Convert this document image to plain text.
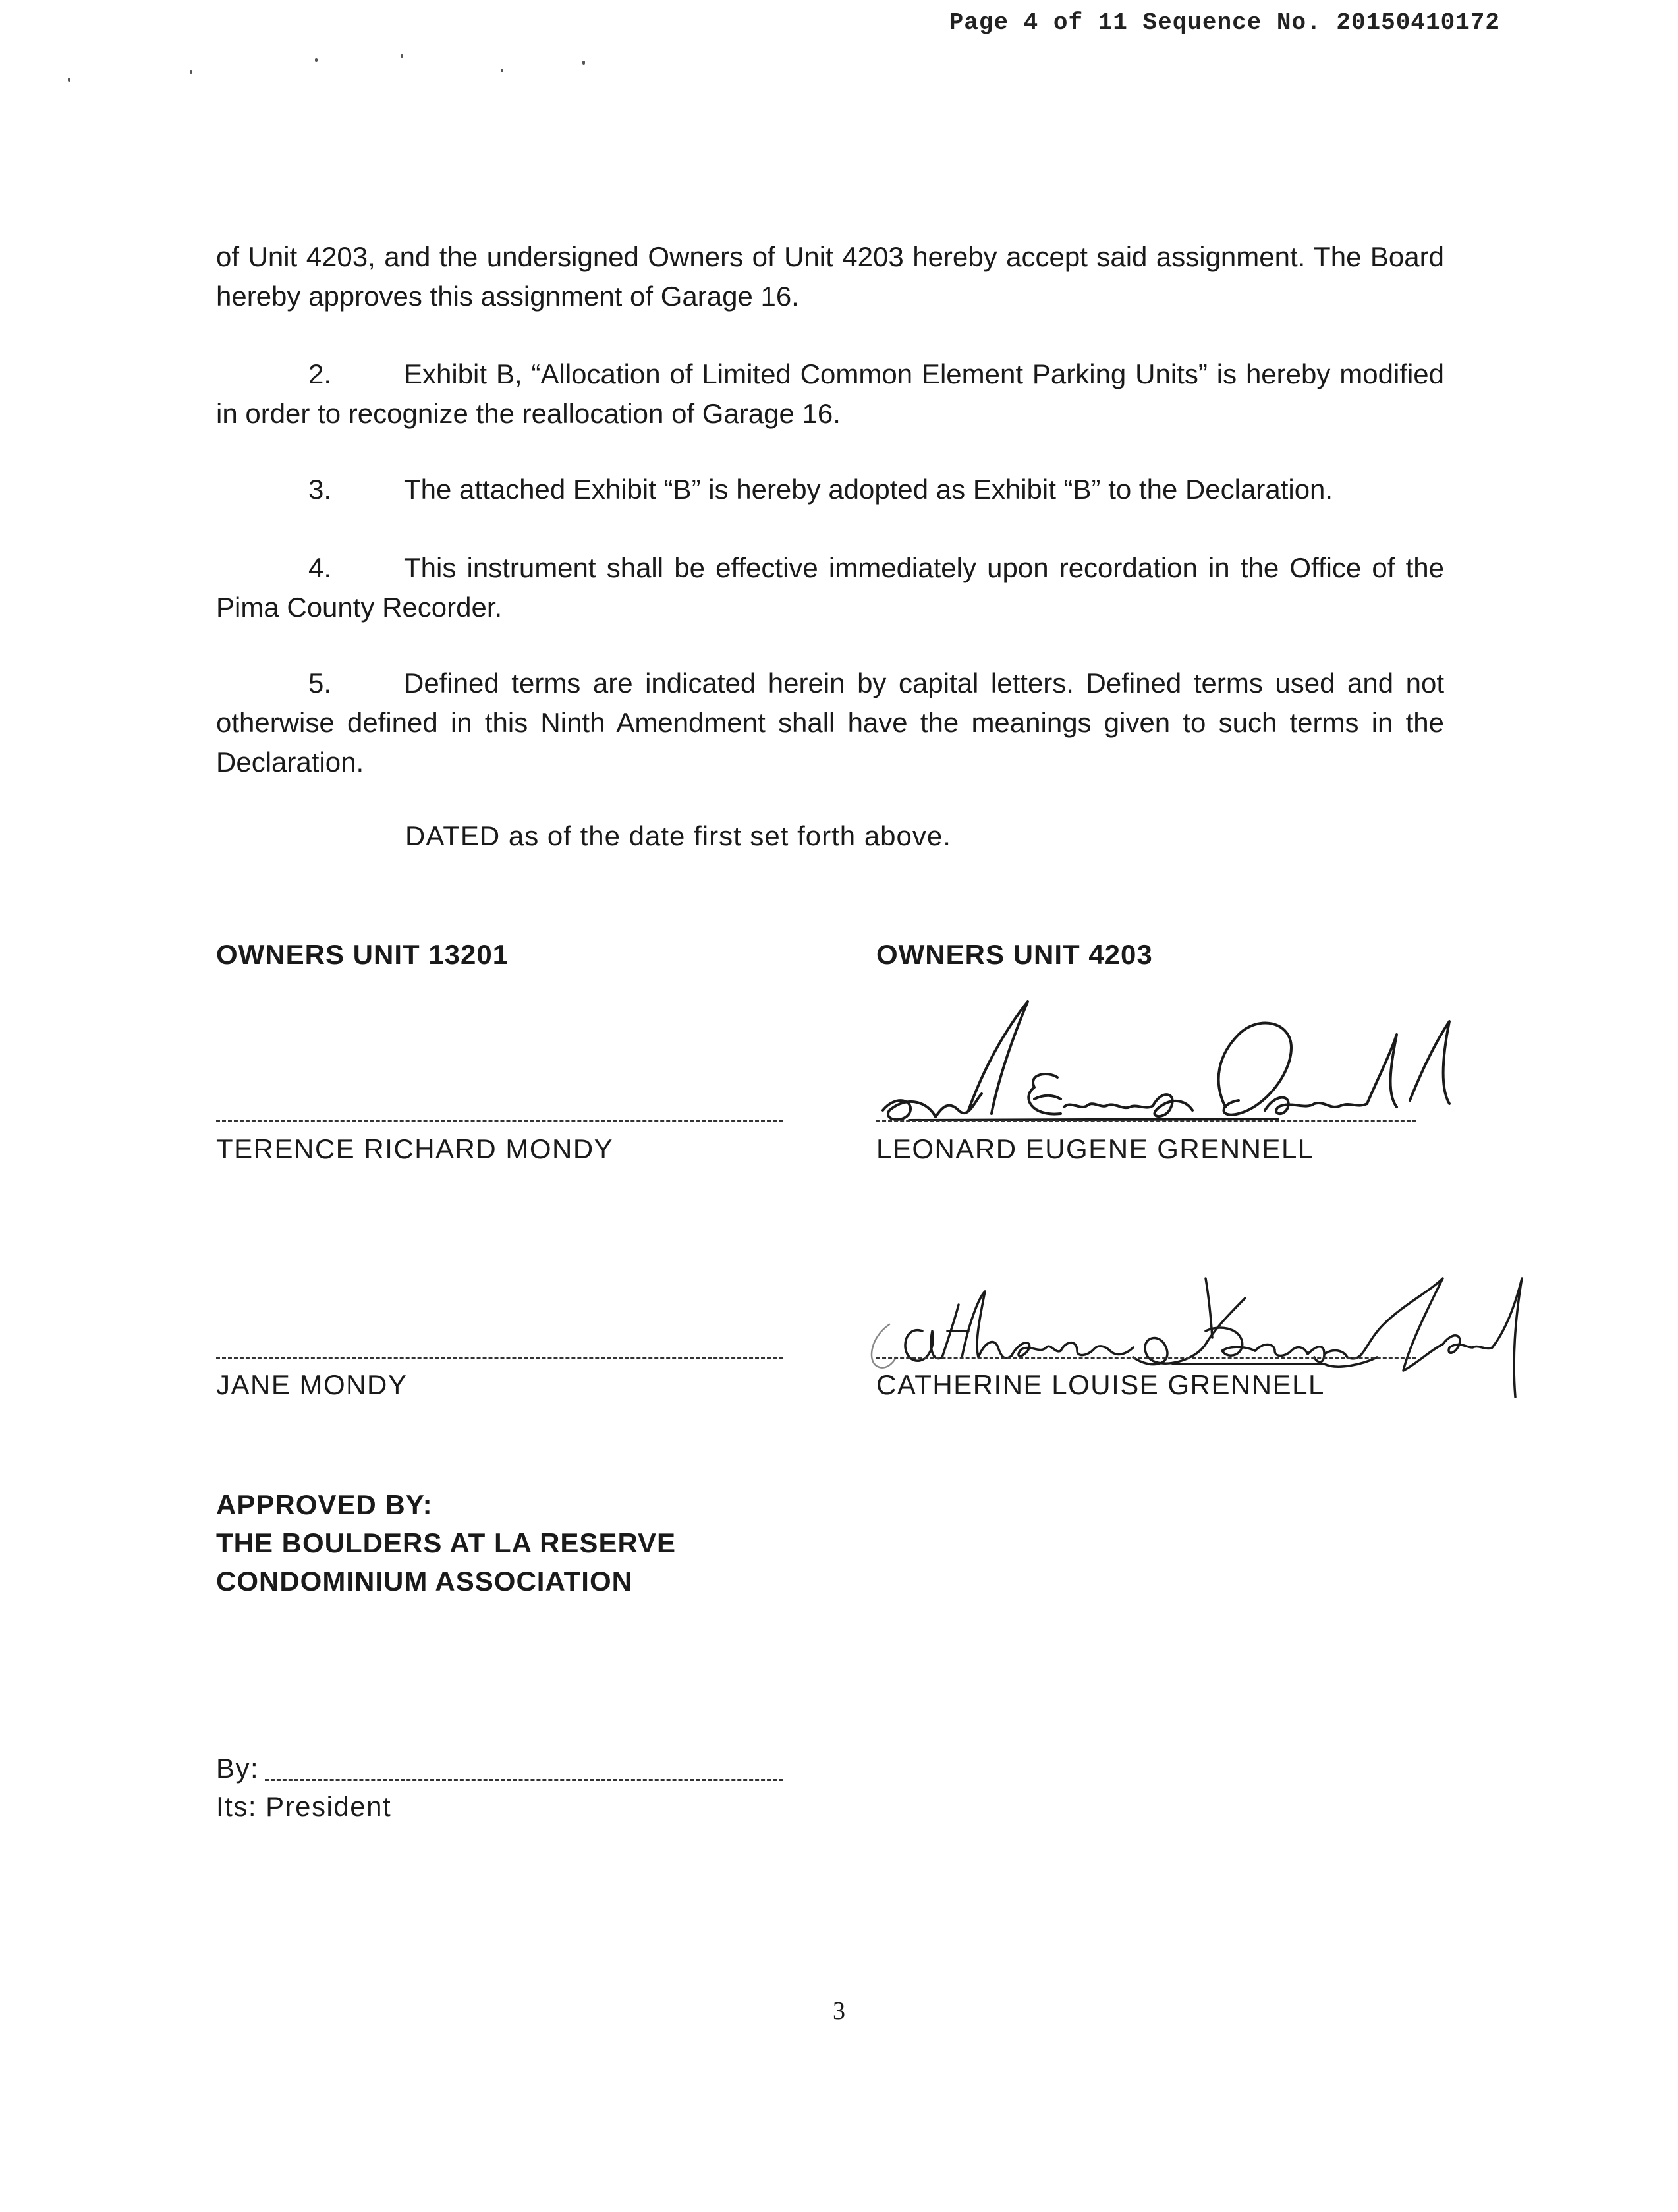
Page 4 of 11 Sequence No. 20150410172
of Unit 4203, and the undersigned Owners of Unit 4203 hereby accept said assignment. The Board hereby approves this assignment of Garage 16.
2.	Exhibit B, “Allocation of Limited Common Element Parking Units” is hereby modified in order to recognize the reallocation of Garage 16.
3.	The attached Exhibit “B” is hereby adopted as Exhibit “B” to the Declaration.
4.	This instrument shall be effective immediately upon recordation in the Office of the Pima County Recorder.
5.	Defined terms are indicated herein by capital letters. Defined terms used and not otherwise defined in this Ninth Amendment shall have the meanings given to such terms in the Declaration.
DATED as of the date first set forth above.
OWNERS UNIT 13201	OWNERS UNIT 4203
TERENCE RICHARD MONDY	LEONARD EUGENE GRENNELL
JANE MONDY	CATHERINE LOUISE GRENNELL
APPROVED BY:
THE BOULDERS AT LA RESERVE
CONDOMINIUM ASSOCIATION
By:
Its: President
3
